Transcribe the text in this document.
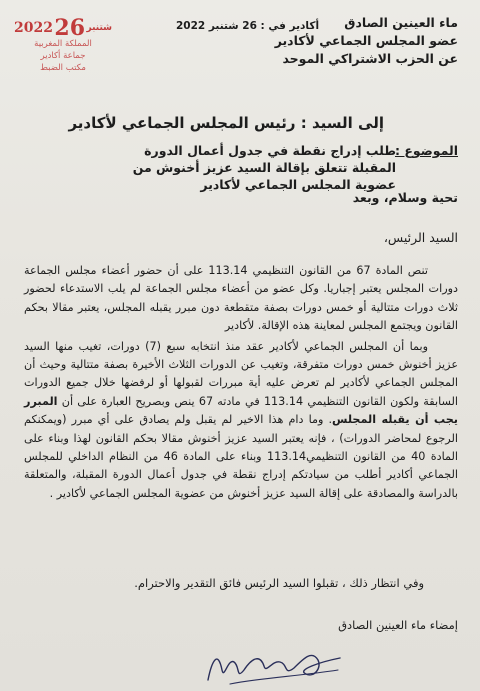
ماء العينين الصادق
عضو المجلس الجماعي لأكادير
عن الحزب الاشتراكي الموحد
أكادير في : 26 شتنبر 2022
2022 26 شتنبر
المملكة المغربية
جماعة أكادير
مكتب الضبط
إلى السيد : رئيس المجلس الجماعي لأكادير
الموضوع :
طلب إدراج نقطة في جدول أعمال الدورة المقبلة تتعلق بإقالة السيد عزيز أخنوش من عضوية المجلس الجماعي لأكادير
تحية وسلام، وبعد
السيد الرئيس،

تنص المادة 67 من القانون التنظيمي 113.14 على أن حضور أعضاء مجلس الجماعة دورات المجلس يعتبر إجباريا. وكل عضو من أعضاء مجلس الجماعة لم يلب الاستدعاء لحضور ثلاث دورات متتالية أو خمس دورات بصفة متقطعة دون مبرر يقبله المجلس، يعتبر مقالا بحكم القانون ويجتمع المجلس لمعاينة هذه الإقالة. لأكادير

وبما أن المجلس الجماعي لأكادير عقد منذ انتخابه سبع (7) دورات، تغيب منها السيد عزيز أخنوش خمس دورات متفرقة، وتغيب عن الدورات الثلاث الأخيرة بصفة متتالية وحيث أن المجلس الجماعي لأكادير لم تعرض عليه أية مبررات لقبولها أو لرفضها خلال جميع الدورات السابقة ولكون القانون التنظيمي 113.14 في مادته 67 ينص وبصريح العبارة على أن المبرر يجب أن يقبله المجلس. وما دام هذا الاخير لم يقبل ولم يصادق على أي مبرر (ويمكنكم الرجوع لمحاضر الدورات) ، فإنه يعتبر السيد عزيز أخنوش مقالا بحكم القانون لهذا وبناء على المادة 40 من القانون التنظيمي113.14 وبناء على المادة 46 من النظام الداخلي للمجلس الجماعي أكادير أطلب من سيادتكم إدراج نقطة في جدول أعمال الدورة المقبلة، والمتعلقة بالدراسة والمصادقة على إقالة السيد عزيز أخنوش من عضوية المجلس الجماعي لأكادير .

وفي انتظار ذلك ، تقبلوا السيد الرئيس فائق التقدير والاحترام.
إمضاء ماء العينين الصادق
